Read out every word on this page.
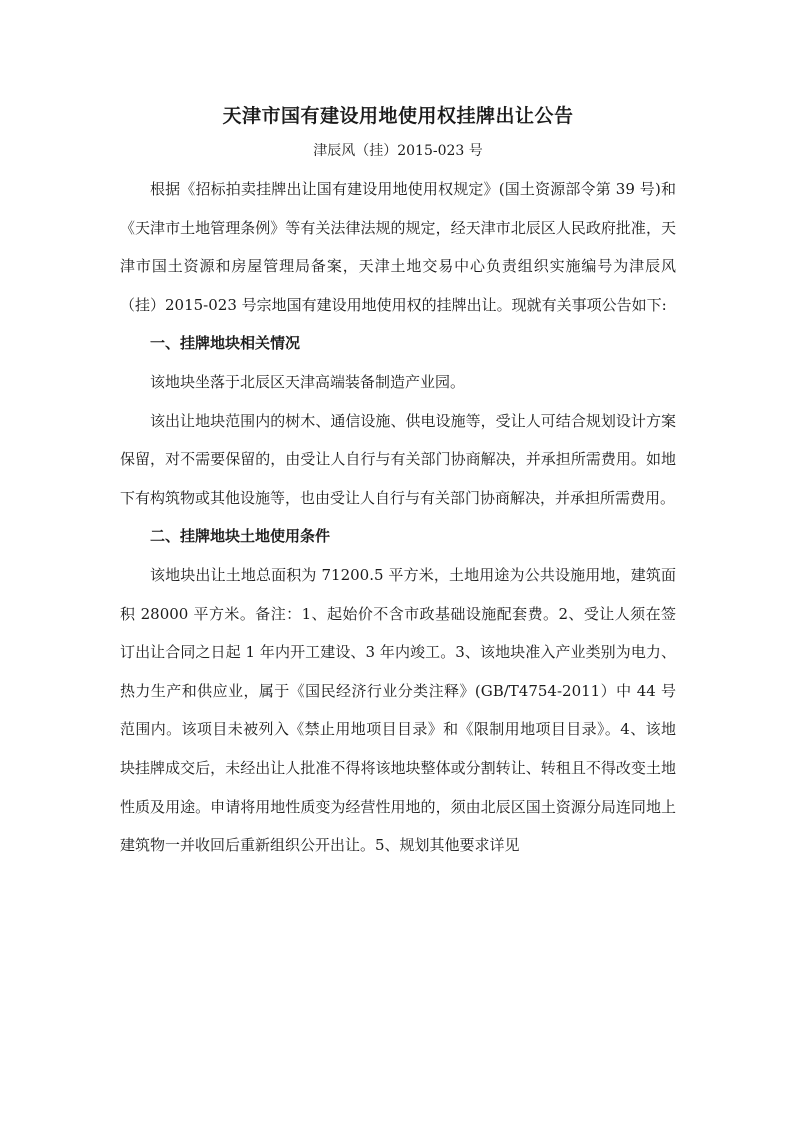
天津市国有建设用地使用权挂牌出让公告
津辰风（挂）2015-023 号

根据《招标拍卖挂牌出让国有建设用地使用权规定》(国土资源部令第 39 号)和《天津市土地管理条例》等有关法律法规的规定，经天津市北辰区人民政府批准，天津市国土资源和房屋管理局备案，天津土地交易中心负责组织实施编号为津辰风（挂）2015-023 号宗地国有建设用地使用权的挂牌出让。现就有关事项公告如下:

一、挂牌地块相关情况

该地块坐落于北辰区天津高端装备制造产业园。

该出让地块范围内的树木、通信设施、供电设施等，受让人可结合规划设计方案保留，对不需要保留的，由受让人自行与有关部门协商解决，并承担所需费用。如地下有构筑物或其他设施等，也由受让人自行与有关部门协商解决，并承担所需费用。

二、挂牌地块土地使用条件

该地块出让土地总面积为 71200.5 平方米，土地用途为公共设施用地，建筑面积 28000 平方米。备注：1、起始价不含市政基础设施配套费。2、受让人须在签订出让合同之日起 1 年内开工建设、3 年内竣工。3、该地块准入产业类别为电力、热力生产和供应业，属于《国民经济行业分类注释》(GB/T4754-2011）中 44 号范围内。该项目未被列入《禁止用地项目目录》和《限制用地项目目录》。4、该地块挂牌成交后，未经出让人批准不得将该地块整体或分割转让、转租且不得改变土地性质及用途。申请将用地性质变为经营性用地的，须由北辰区国土资源分局连同地上建筑物一并收回后重新组织公开出让。5、规划其他要求详见
